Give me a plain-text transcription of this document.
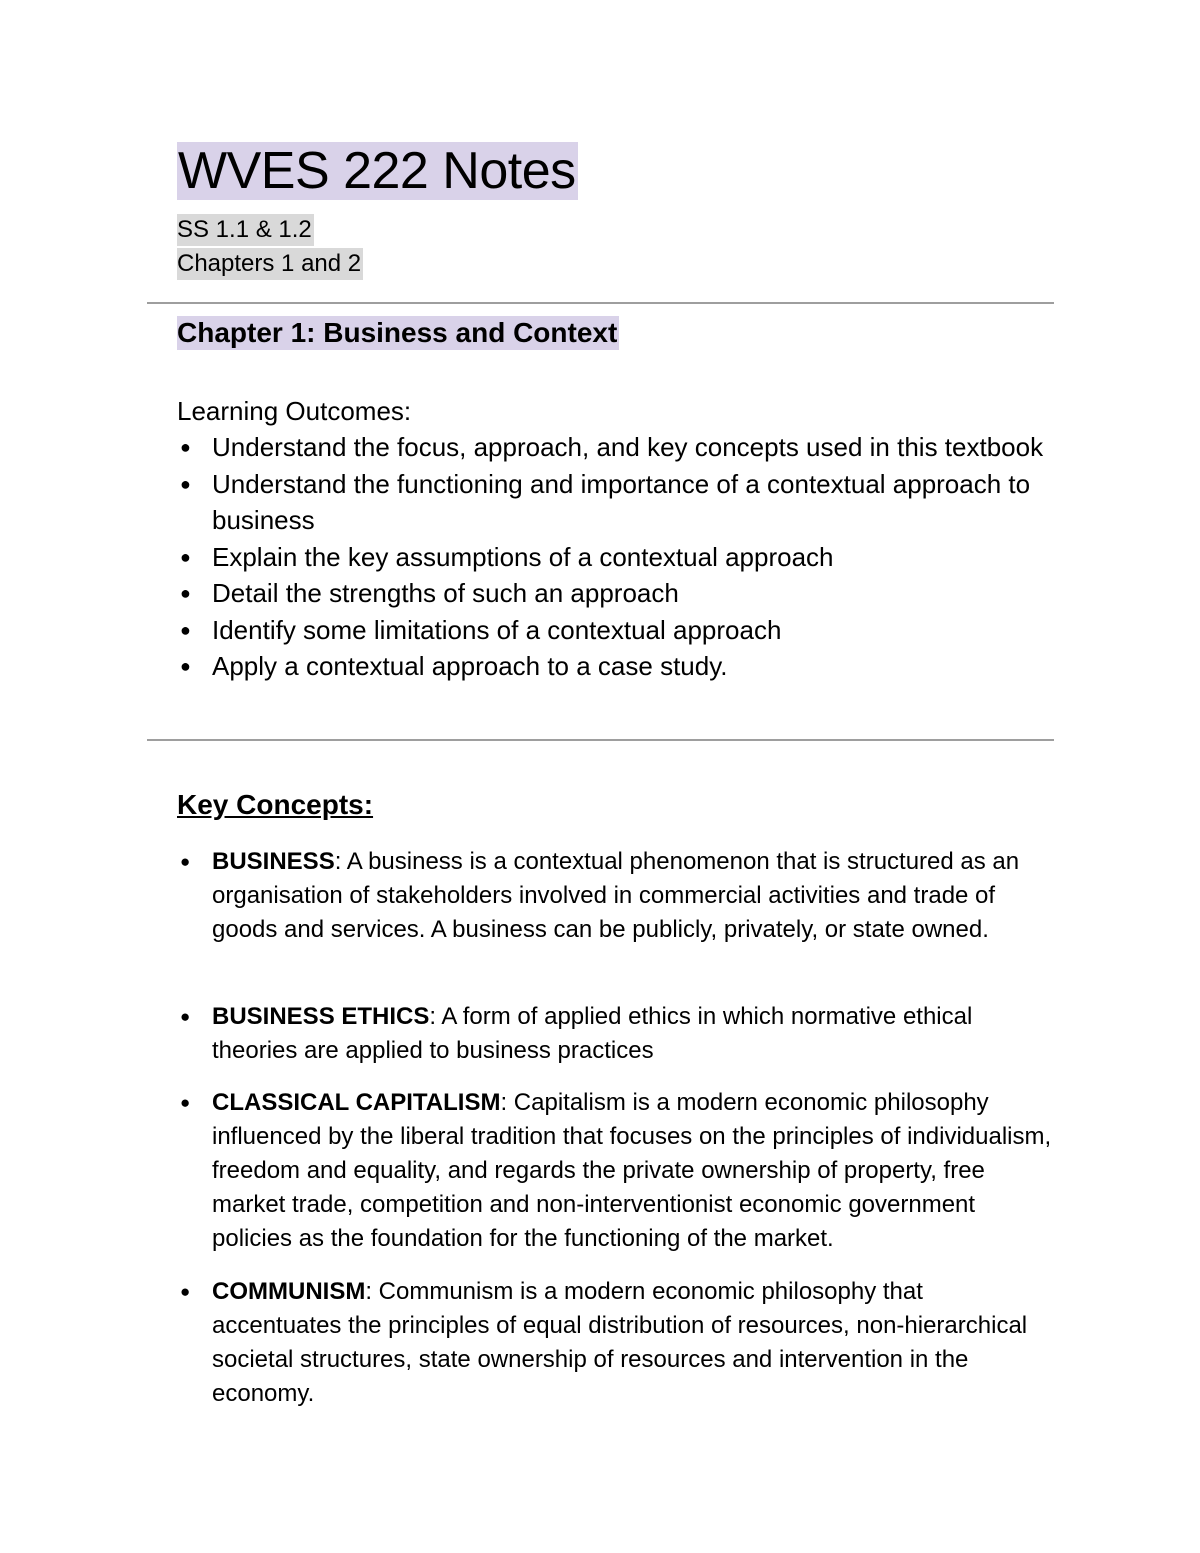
WVES 222 Notes
SS 1.1 & 1.2
Chapters 1 and 2
Chapter 1: Business and Context
Learning Outcomes:
● Understand the focus, approach, and key concepts used in this textbook
● Understand the functioning and importance of a contextual approach to business
● Explain the key assumptions of a contextual approach
● Detail the strengths of such an approach
● Identify some limitations of a contextual approach
● Apply a contextual approach to a case study.
Key Concepts:
● BUSINESS: A business is a contextual phenomenon that is structured as an organisation of stakeholders involved in commercial activities and trade of goods and services. A business can be publicly, privately, or state owned.
● BUSINESS ETHICS: A form of applied ethics in which normative ethical theories are applied to business practices
● CLASSICAL CAPITALISM: Capitalism is a modern economic philosophy influenced by the liberal tradition that focuses on the principles of individualism, freedom and equality, and regards the private ownership of property, free market trade, competition and non-interventionist economic government policies as the foundation for the functioning of the market.
● COMMUNISM: Communism is a modern economic philosophy that accentuates the principles of equal distribution of resources, non-hierarchical societal structures, state ownership of resources and intervention in the economy.
